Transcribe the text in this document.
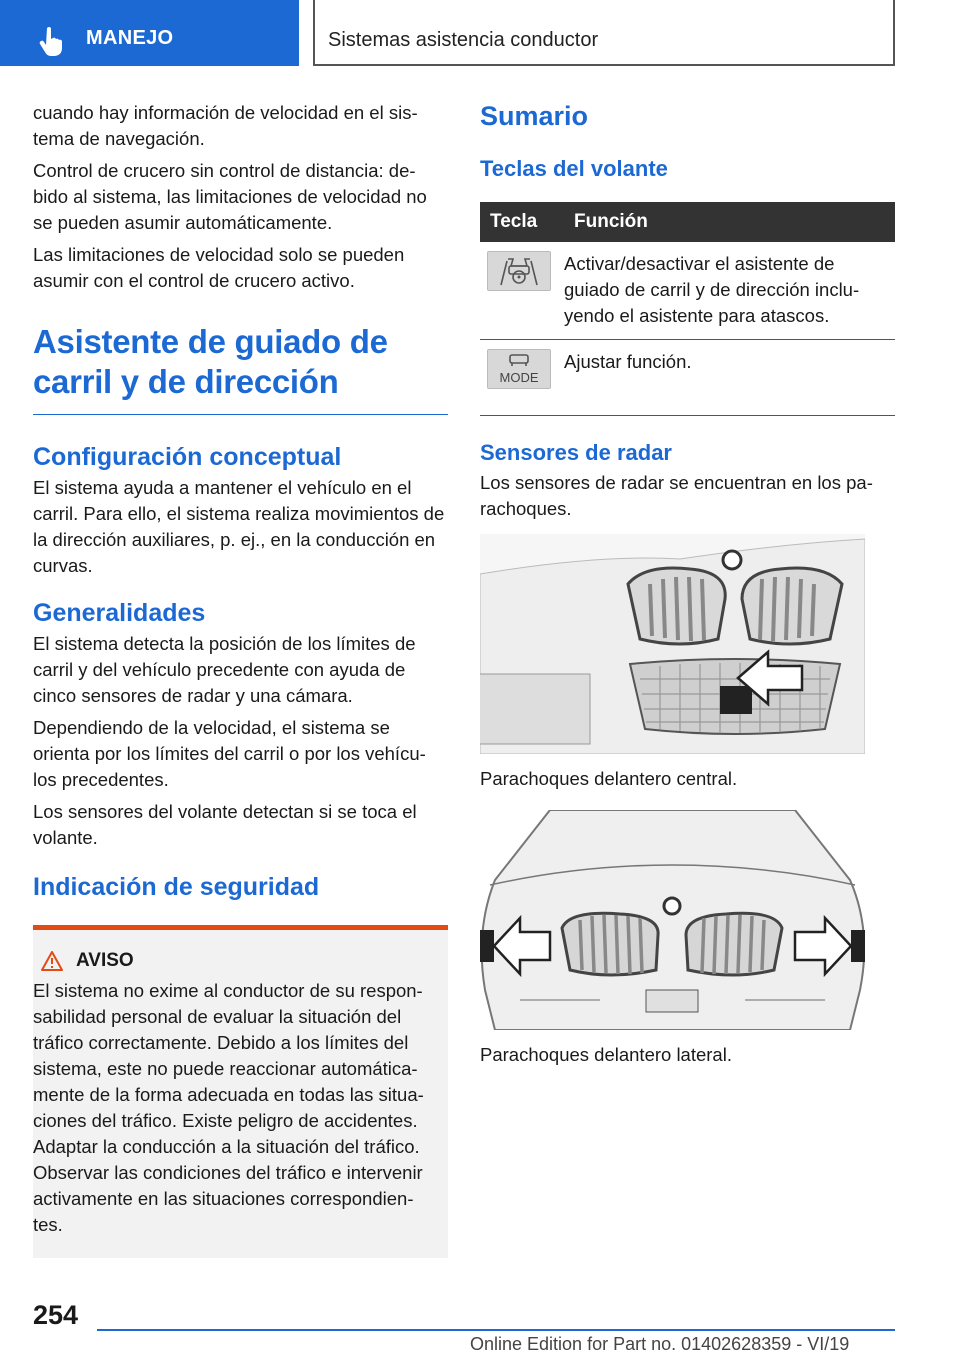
MANEJO	Sistemas asistencia conductor

cuando hay información de velocidad en el sis-tema de navegación.

Control de crucero sin control de distancia: de-bido al sistema, las limitaciones de velocidad no se pueden asumir automáticamente.

Las limitaciones de velocidad solo se pueden asumir con el control de crucero activo.

Asistente de guiado de carril y de dirección
Configuración conceptual

El sistema ayuda a mantener el vehículo en el carril. Para ello, el sistema realiza movimientos de la dirección auxiliares, p. ej., en la conducción en curvas.

Generalidades

El sistema detecta la posición de los límites de carril y del vehículo precedente con ayuda de cinco sensores de radar y una cámara.

Dependiendo de la velocidad, el sistema se orienta por los límites del carril o por los vehícu-los precedentes.

Los sensores del volante detectan si se toca el volante.

Indicación de seguridad
AVISO

El sistema no exime al conductor de su respon-sabilidad personal de evaluar la situación del tráfico correctamente. Debido a los límites del sistema, este no puede reaccionar automática-mente de la forma adecuada en todas las situa-ciones del tráfico. Existe peligro de accidentes. Adaptar la conducción a la situación del tráfico. Observar las condiciones del tráfico e intervenir activamente en las situaciones correspondien-tes.

Sumario
Teclas del volante
Tecla	Función

	Activar/desactivar el asistente de guiado de carril y de dirección inclu-yendo el asistente para atascos.

MODE	Ajustar función.
Sensores de radar

Los sensores de radar se encuentran en los pa-rachoques.

Parachoques delantero central.

Parachoques delantero lateral.

254
Online Edition for Part no. 01402628359 - VI/19
